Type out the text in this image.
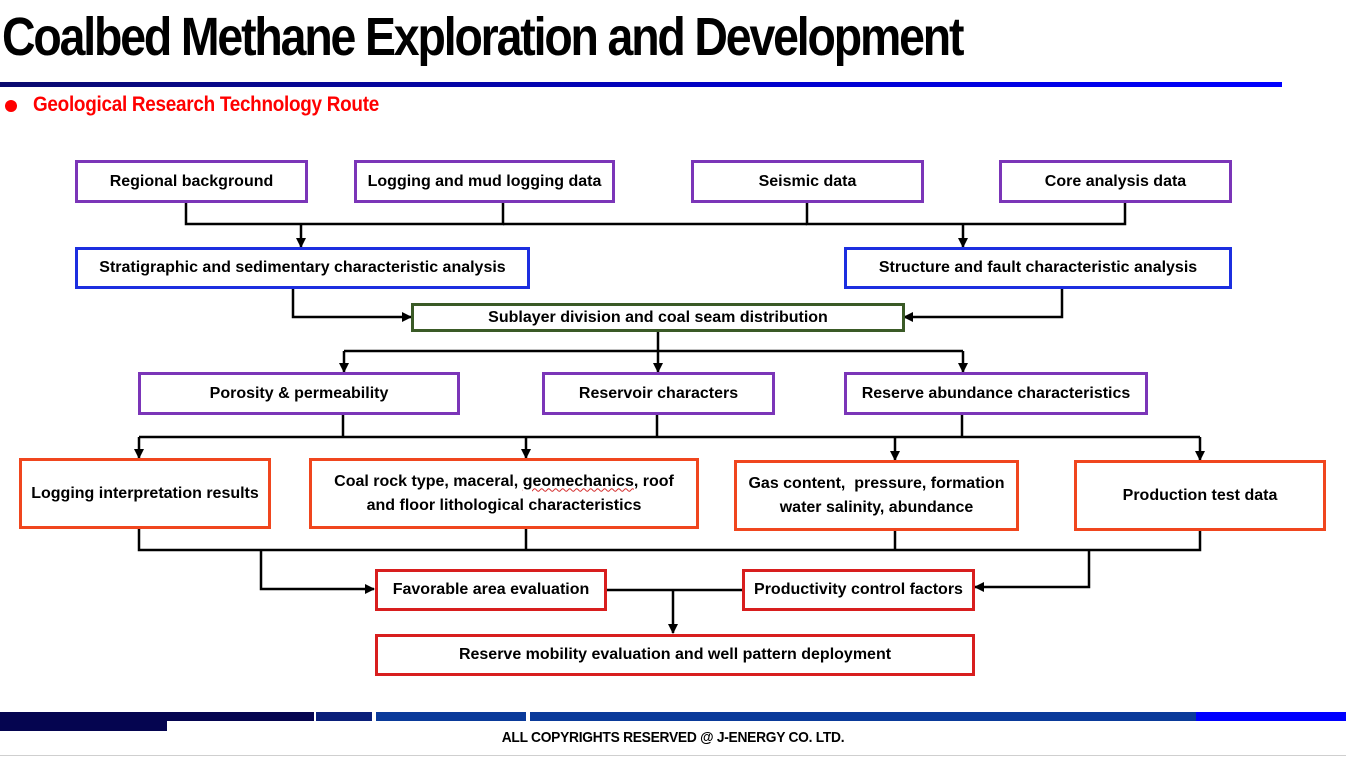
Coalbed Methane Exploration and Development
Geological Research Technology Route
Regional background	Logging and mud logging data	Seismic data	Core analysis data
Stratigraphic and sedimentary characteristic analysis	Structure and fault characteristic analysis
Sublayer division and coal seam distribution
Porosity & permeability	Reservoir characters	Reserve abundance characteristics
Logging interpretation results
Coal rock type, maceral, geomechanics, roof
and floor lithological characteristics
Gas content,  pressure, formation
water salinity, abundance
Production test data
Favorable area evaluation	Productivity control factors
Reserve mobility evaluation and well pattern deployment
ALL COPYRIGHTS RESERVED @ J-ENERGY CO. LTD.
